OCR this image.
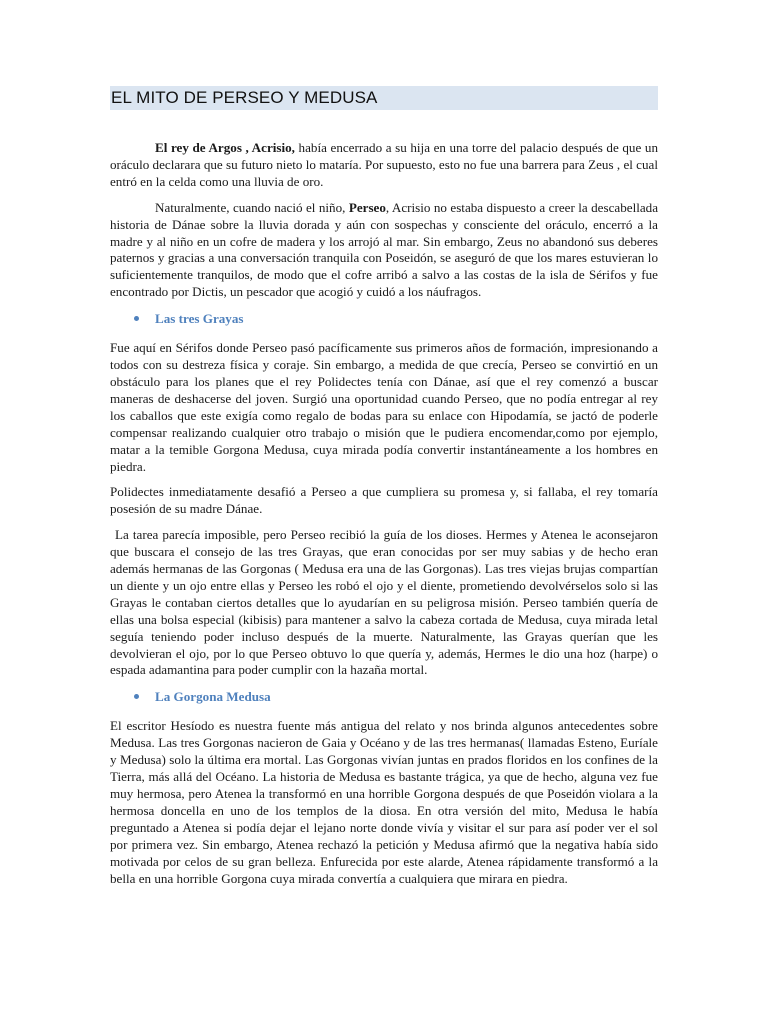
EL MITO DE PERSEO Y MEDUSA

El rey de Argos , Acrisio, había encerrado a su hija en una torre del palacio después de que un oráculo declarara que su futuro nieto lo mataría. Por supuesto, esto no fue una barrera para Zeus , el cual entró en la celda como una lluvia de oro.

Naturalmente, cuando nació el niño, Perseo, Acrisio no estaba dispuesto a creer la descabellada historia de Dánae sobre la lluvia dorada y aún con sospechas y consciente del oráculo, encerró a la madre y al niño en un cofre de madera y los arrojó al mar. Sin embargo, Zeus no abandonó sus deberes paternos y gracias a una conversación tranquila con Poseidón, se aseguró de que los mares estuvieran lo suficientemente tranquilos, de modo que el cofre arribó a salvo a las costas de la isla de Sérifos y fue encontrado por Dictis, un pescador que acogió y cuidó a los náufragos.

Las tres Grayas

Fue aquí en Sérifos donde Perseo pasó pacíficamente sus primeros años de formación, impresionando a todos con su destreza física y coraje. Sin embargo, a medida de que crecía, Perseo se convirtió en un obstáculo para los planes que el rey Polidectes tenía con Dánae, así que el rey comenzó a buscar maneras de deshacerse del joven. Surgió una oportunidad cuando Perseo, que no podía entregar al rey los caballos que este exigía como regalo de bodas para su enlace con Hipodamía, se jactó de poderle compensar realizando cualquier otro trabajo o misión que le pudiera encomendar,como por ejemplo, matar a la temible Gorgona Medusa, cuya mirada podía convertir instantáneamente a los hombres en piedra.

Polidectes inmediatamente desafió a Perseo a que cumpliera su promesa y, si fallaba, el rey tomaría posesión de su madre Dánae.

La tarea parecía imposible, pero Perseo recibió la guía de los dioses. Hermes y Atenea le aconsejaron que buscara el consejo de las tres Grayas, que eran conocidas por ser muy sabias y de hecho eran además hermanas de las Gorgonas ( Medusa era una de las Gorgonas). Las tres viejas brujas compartían un diente y un ojo entre ellas y Perseo les robó el ojo y el diente, prometiendo devolvérselos solo si las Grayas le contaban ciertos detalles que lo ayudarían en su peligrosa misión. Perseo también quería de ellas una bolsa especial (kibisis) para mantener a salvo la cabeza cortada de Medusa, cuya mirada letal seguía teniendo poder incluso después de la muerte. Naturalmente, las Grayas querían que les devolvieran el ojo, por lo que Perseo obtuvo lo que quería y, además, Hermes le dio una hoz (harpe) o espada adamantina para poder cumplir con la hazaña mortal.

La Gorgona Medusa

El escritor Hesíodo es nuestra fuente más antigua del relato y nos brinda algunos antecedentes sobre Medusa. Las tres Gorgonas nacieron de Gaia y Océano y de las tres hermanas( llamadas Esteno, Euríale y Medusa) solo la última era mortal. Las Gorgonas vivían juntas en prados floridos en los confines de la Tierra, más allá del Océano. La historia de Medusa es bastante trágica, ya que de hecho, alguna vez fue muy hermosa, pero Atenea la transformó en una horrible Gorgona después de que Poseidón violara a la hermosa doncella en uno de los templos de la diosa. En otra versión del mito, Medusa le había preguntado a Atenea si podía dejar el lejano norte donde vivía y visitar el sur para así poder ver el sol por primera vez. Sin embargo, Atenea rechazó la petición y Medusa afirmó que la negativa había sido motivada por celos de su gran belleza. Enfurecida por este alarde, Atenea rápidamente transformó a la bella en una horrible Gorgona cuya mirada convertía a cualquiera que mirara en piedra.
